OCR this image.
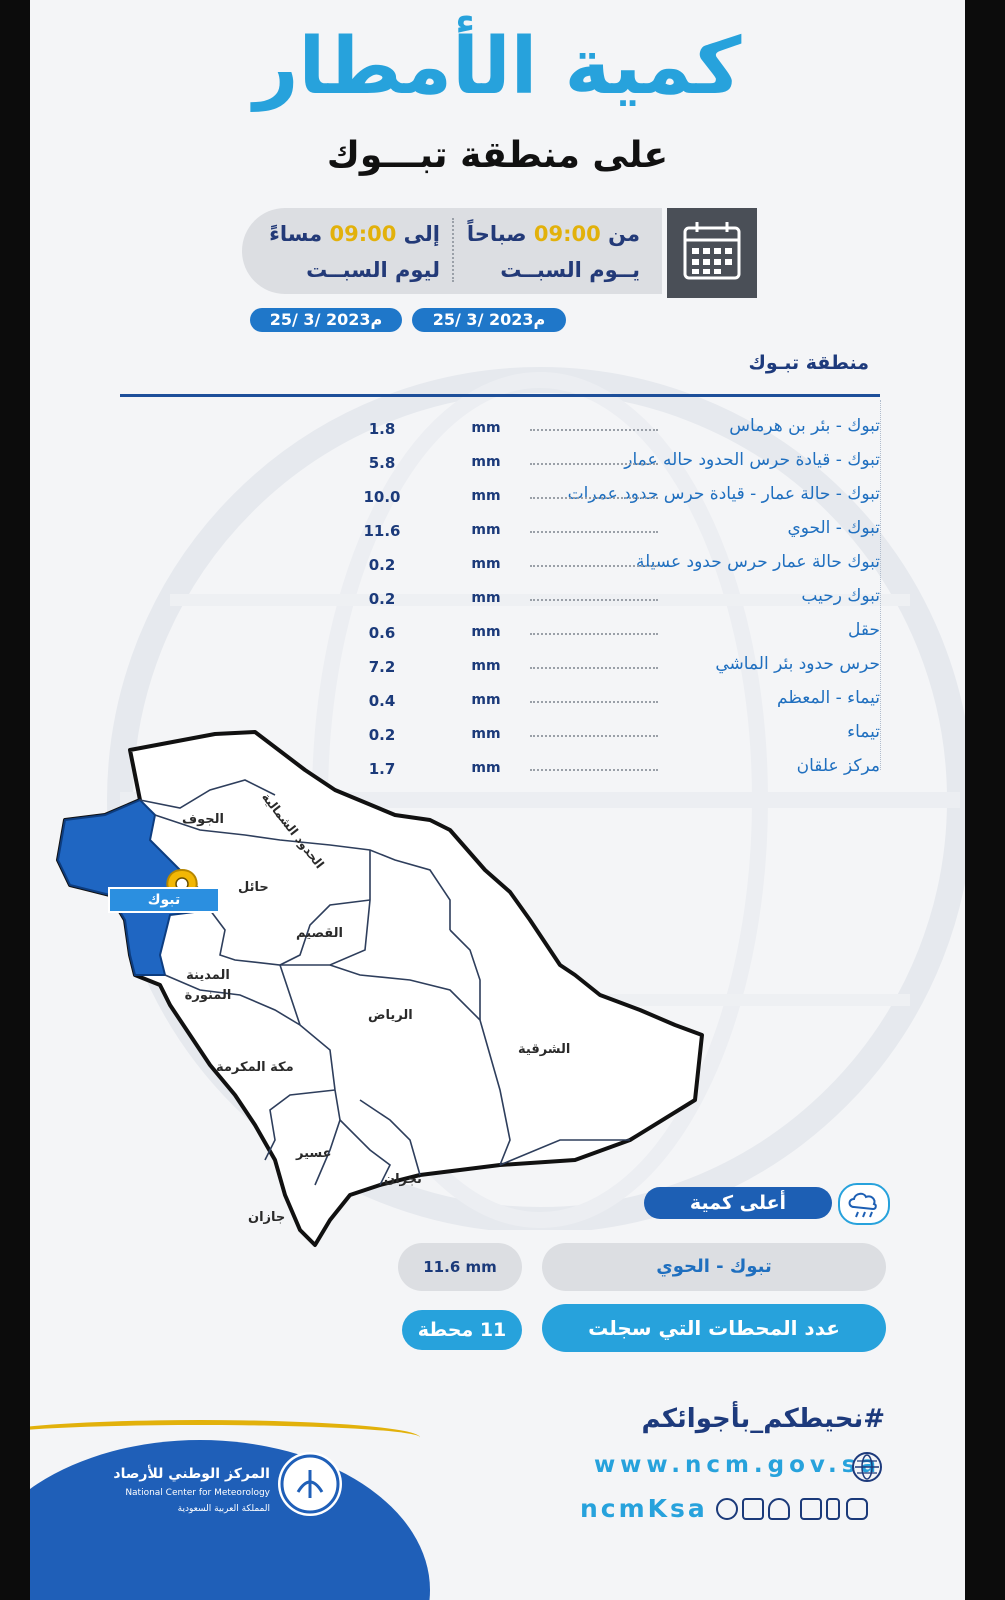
كمية الأمطار
على منطقة تبـــوك
من 09:00 صباحاً
يــوم السبــت
إلى 09:00 مساءً
ليوم السبــت
25/ 3/ 2023م
25/ 3/ 2023م
منطقة تبـوك
تبوك - بئر بن هرماس
mm
1.8
تبوك - قيادة حرس الحدود حاله عمار
mm
5.8
تبوك - حالة عمار - قيادة حرس حدود عمرات
mm
10.0
تبوك - الحوي
mm
11.6
تبوك حالة عمار حرس حدود عسيلة
mm
0.2
تبوك رحيب
mm
0.2
حقل
mm
0.6
حرس حدود بئر الماشي
mm
7.2
تيماء - المعظم
mm
0.4
تيماء
mm
0.2
مركز علقان
mm
1.7
تبوك
الجوف	الحدود الشمالية
حائل
القصيم
المدينة المنورة
الرياض
الشرقية
مكة المكرمة
عسير
نجران
جازان
أعلى كمية
تبوك - الحوي
11.6 mm
عدد المحطات التي سجلت
11 محطة
#نحيطكم_بأجوائكم
www.ncm.gov.sa
ncmKsa
المركز الوطني للأرصاد
National Center for Meteorology
المملكة العربية السعودية
